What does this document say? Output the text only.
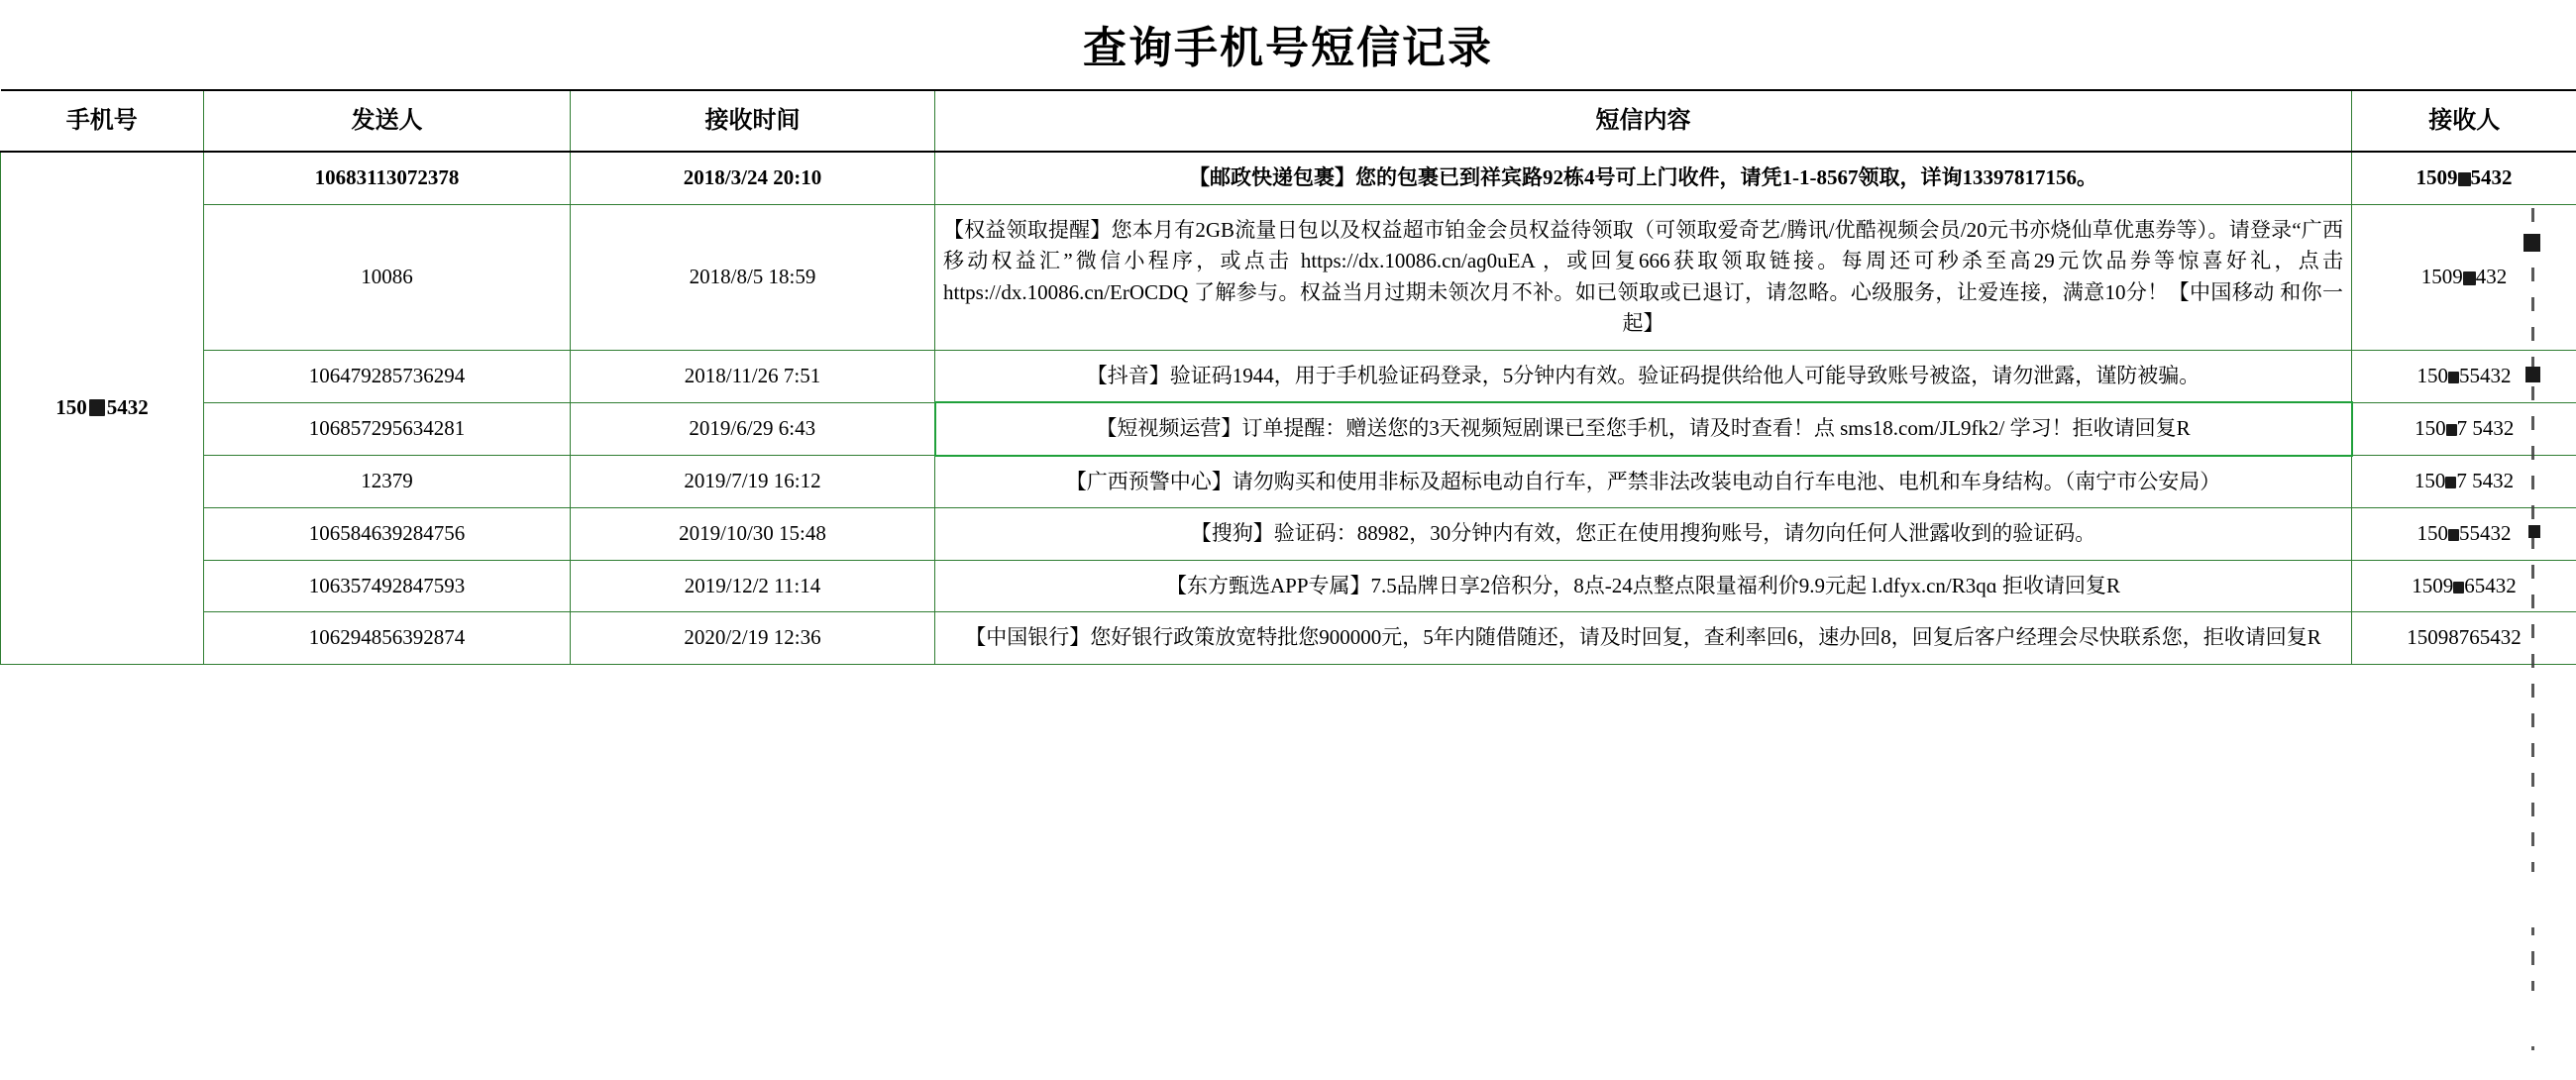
查询手机号短信记录
手机号	发送人	接收时间	短信内容	接收人

150 5432	10683113072378	2018/3/24 20:10	【邮政快递包裹】您的包裹已到祥宾路92栋4号可上门收件，请凭1-1-8567领取，详询13397817156。	1509 5432
	10086	2018/8/5 18:59	【权益领取提醒】您本月有2GB流量日包以及权益超市铂金会员权益待领取（可领取爱奇艺/腾讯/优酷视频会员/20元书亦烧仙草优惠券等）。请登录“广西移动权益汇”微信小程序，或点击 https://dx.10086.cn/aɡ0uEA ，或回复666获取领取链接。每周还可秒杀至高29元饮品券等惊喜好礼，点击 https://dx.10086.cn/ErOCDQ 了解参与。权益当月过期未领次月不补。如已领取或已退订，请忽略。心级服务，让爱连接，满意10分！【中国移动 和你一起】	1509 432
	106479285736294	2018/11/26 7:51	【抖音】验证码1944，用于手机验证码登录，5分钟内有效。验证码提供给他人可能导致账号被盗，请勿泄露，谨防被骗。	150 55432
	106857295634281	2019/6/29 6:43	【短视频运营】订单提醒：赠送您的3天视频短剧课已至您手机，请及时查看！点 sms18.com/JL9fk2/ 学习！拒收请回复R	150 7 5432
	12379	2019/7/19 16:12	【广西预警中心】请勿购买和使用非标及超标电动自行车，严禁非法改装电动自行车电池、电机和车身结构。（南宁市公安局）	150 7 5432
	106584639284756	2019/10/30 15:48	【搜狗】验证码：88982，30分钟内有效，您正在使用搜狗账号，请勿向任何人泄露收到的验证码。	150 55432
	106357492847593	2019/12/2 11:14	【东方甄选APP专属】7.5品牌日享2倍积分，8点-24点整点限量福利价9.9元起 l.dfyx.cn/R3qɑ 拒收请回复R	1509 65432
	106294856392874	2020/2/19 12:36	【中国银行】您好银行政策放宽特批您900000元，5年内随借随还，请及时回复，查利率回6，速办回8，回复后客户经理会尽快联系您，拒收请回复R	15098765432
